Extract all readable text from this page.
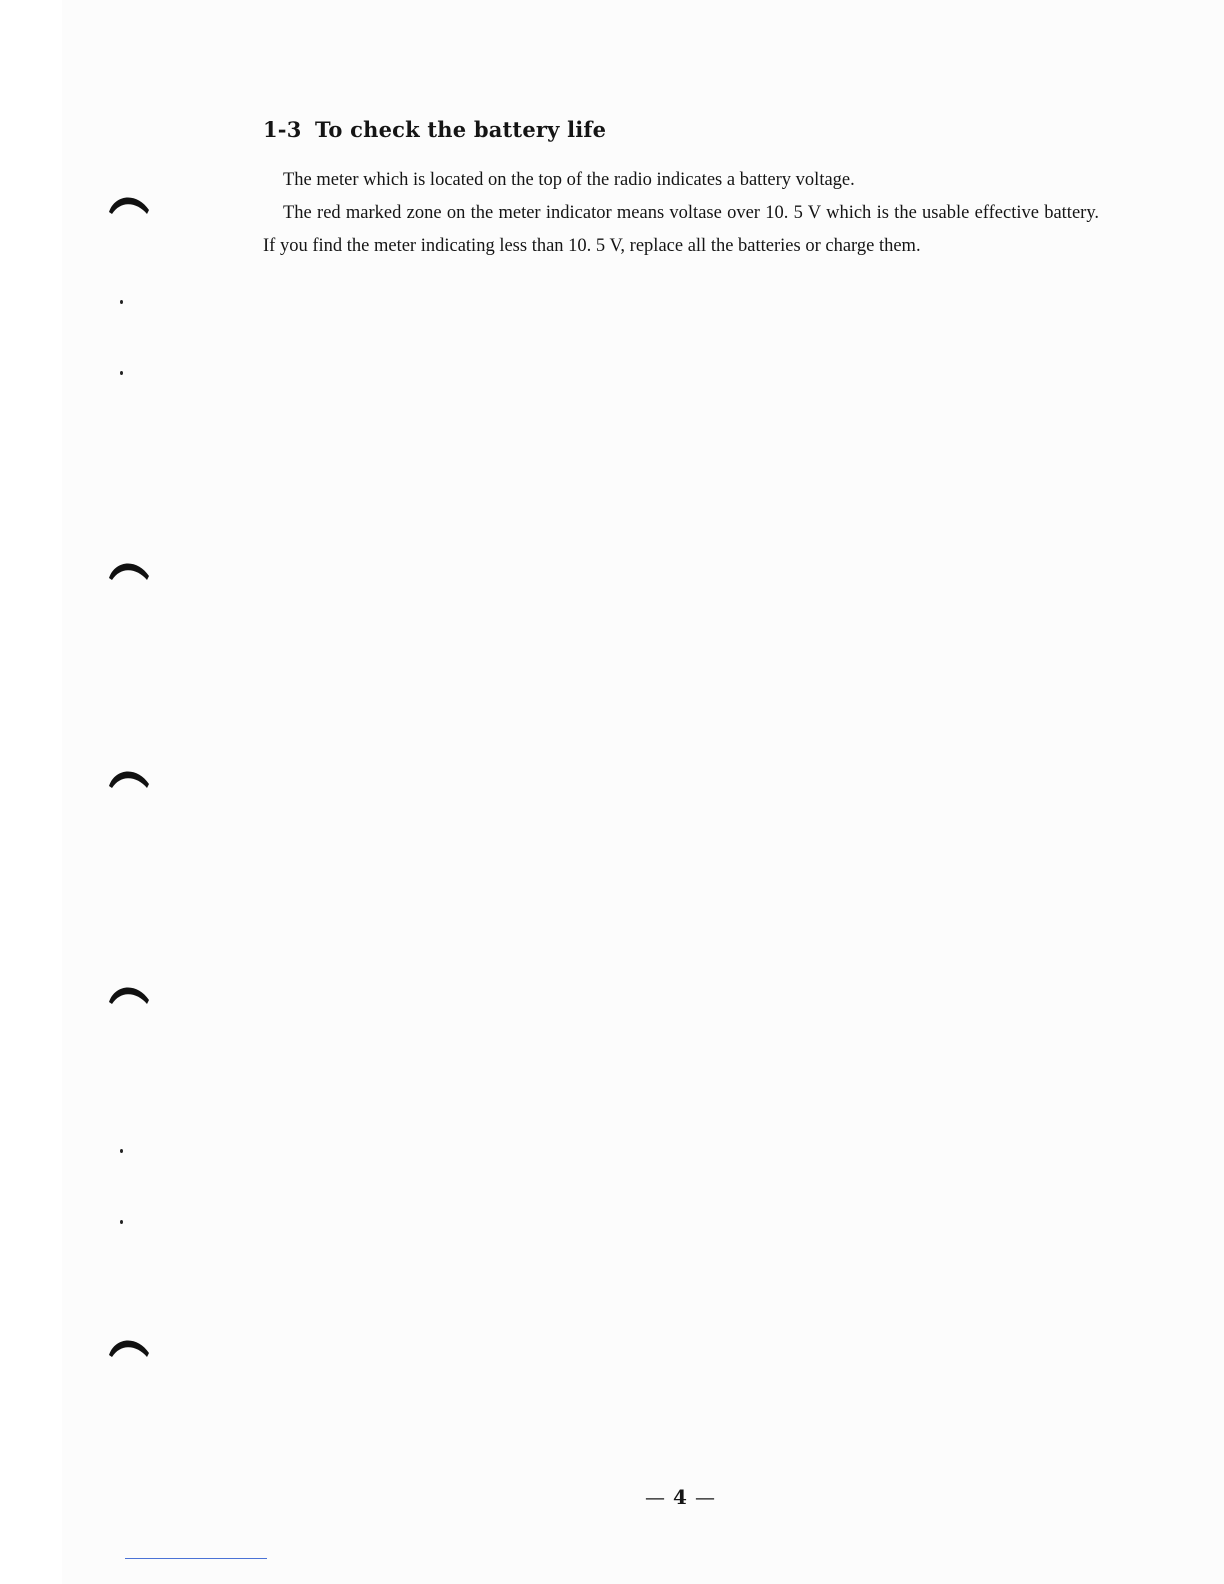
1-3 To check the battery life

The meter which is located on the top of the radio indicates a battery voltage.

The red marked zone on the meter indicator means voltase over 10. 5 V which is the usable effective battery. If you find the meter indicating less than 10. 5 V, replace all the batteries or charge them.

— 4 —
